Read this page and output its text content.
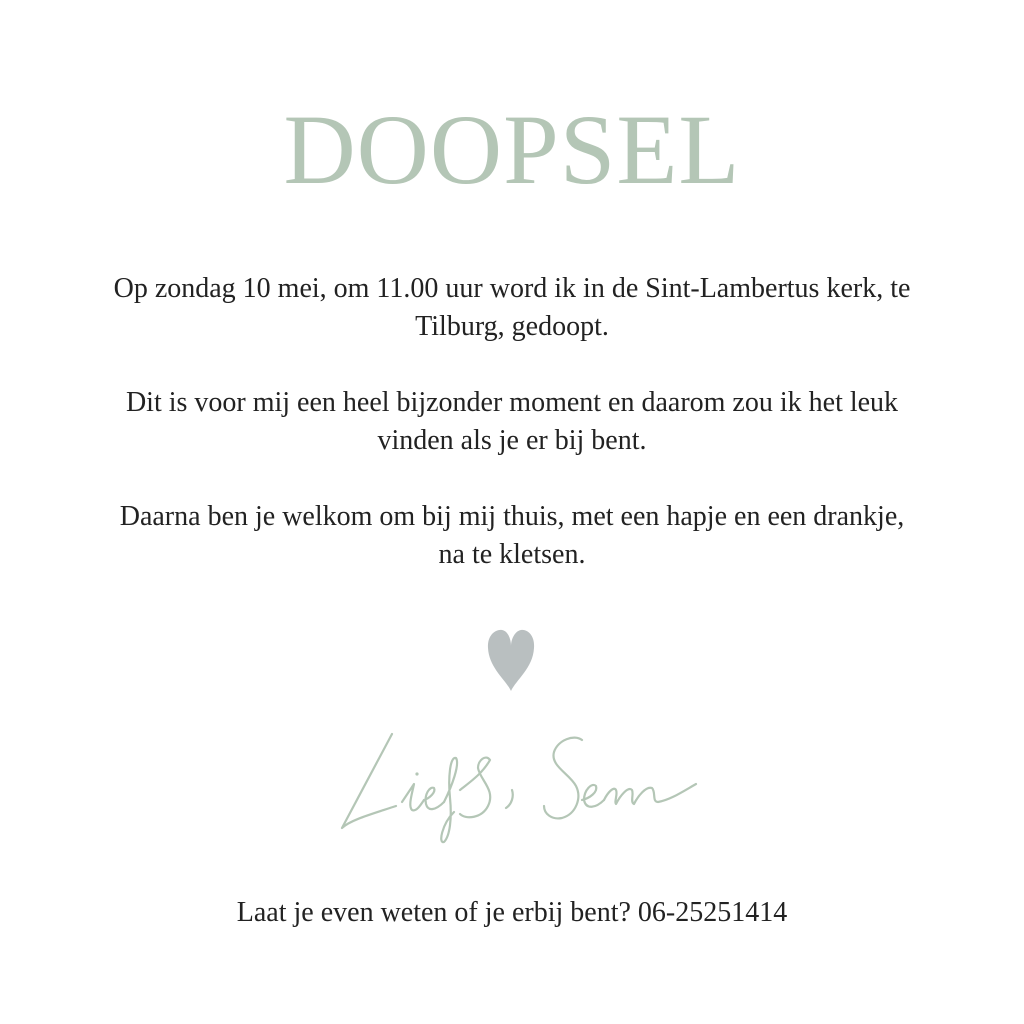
DOOPSEL
Op zondag 10 mei, om 11.00 uur word ik in de Sint-Lambertus kerk, te Tilburg, gedoopt.
Dit is voor mij een heel bijzonder moment en daarom zou ik het leuk vinden als je er bij bent.
Daarna ben je welkom om bij mij thuis, met een hapje en een drankje, na te kletsen.
Laat je even weten of je erbij bent? 06-25251414
